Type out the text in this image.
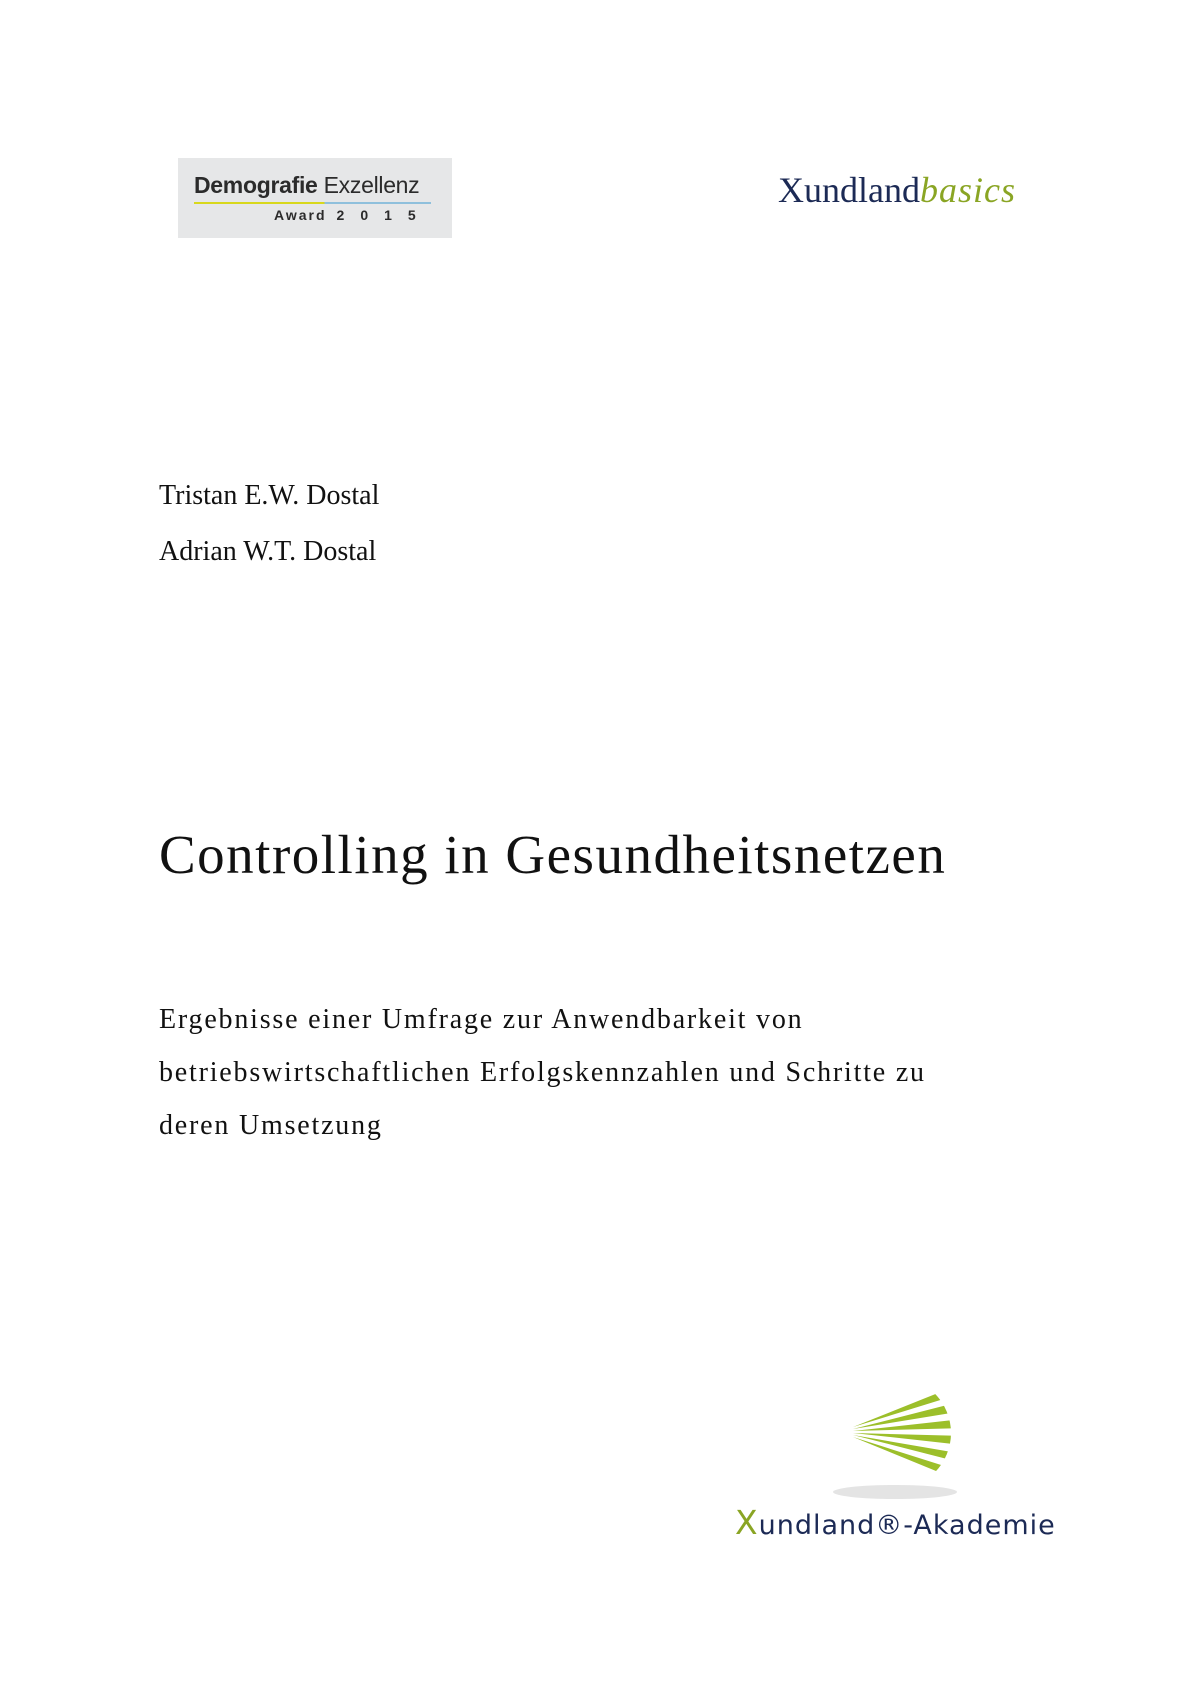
Demografie Exzellenz
Award 2015
Xundlandbasics
Tristan E.W. Dostal
Adrian W.T. Dostal
Controlling in Gesundheitsnetzen

Ergebnisse einer Umfrage zur Anwendbarkeit von
betriebswirtschaftlichen Erfolgskennzahlen und Schritte zu
deren Umsetzung

Xundland®-Akademie
